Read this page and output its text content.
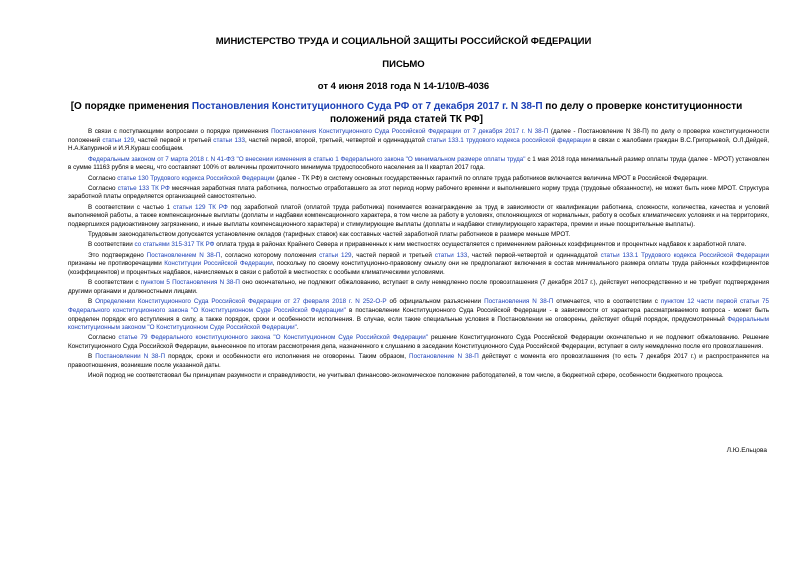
МИНИСТЕРСТВО ТРУДА И СОЦИАЛЬНОЙ ЗАЩИТЫ РОССИЙСКОЙ ФЕДЕРАЦИИ
ПИСЬМО
от 4 июня 2018 года N 14-1/10/В-4036
[О порядке применения Постановления Конституционного Суда РФ от 7 декабря 2017 г. N 38-П по делу о проверке конституционности положений ряда статей ТК РФ]

В связи с поступающими вопросами о порядке применения Постановления Конституционного Суда Российской Федерации от 7 декабря 2017 г. N 38-П (далее - Постановление N 38-П) по делу о проверке конституционности положений статьи 129, частей первой и третьей статьи 133, частей первой, второй, третьей, четвертой и одиннадцатой статьи 133.1 трудового кодекса российской федерации в связи с жалобами граждан В.С.Григорьевой, О.Л.Дейдей, Н.А.Капуриной и И.Я.Кураш сообщаем.

Федеральным законом от 7 марта 2018 г. N 41-ФЗ "О внесении изменения в статью 1 Федерального закона "О минимальном размере оплаты труда" с 1 мая 2018 года минимальный размер оплаты труда (далее - МРОТ) установлен в сумме 11163 рубля в месяц, что составляет 100% от величины прожиточного минимума трудоспособного населения за II квартал 2017 года.

Согласно статье 130 Трудового кодекса Российской Федерации (далее - ТК РФ) в систему основных государственных гарантий по оплате труда работников включается величина МРОТ в Российской Федерации.

Согласно статье 133 ТК РФ месячная заработная плата работника, полностью отработавшего за этот период норму рабочего времени и выполнившего норму труда (трудовые обязанности), не может быть ниже МРОТ. Структура заработной платы определяется организацией самостоятельно.

В соответствии с частью 1 статьи 129 ТК РФ под заработной платой (оплатой труда работника) понимается вознаграждение за труд в зависимости от квалификации работника, сложности, количества, качества и условий выполняемой работы, а также компенсационные выплаты (доплаты и надбавки компенсационного характера, в том числе за работу в условиях, отклоняющихся от нормальных, работу в особых климатических условиях и на территориях, подвергшихся радиоактивному загрязнению, и иные выплаты компенсационного характера) и стимулирующие выплаты (доплаты и надбавки стимулирующего характера, премии и иные поощрительные выплаты).

Трудовым законодательством допускается установление окладов (тарифных ставок) как составных частей заработной платы работников в размере меньше МРОТ.

В соответствии со статьями 315-317 ТК РФ оплата труда в районах Крайнего Севера и приравненных к ним местностях осуществляется с применением районных коэффициентов и процентных надбавок к заработной плате.

Это подтверждено Постановлением N 38-П, согласно которому положения статьи 129, частей первой и третьей статьи 133, частей первой-четвертой и одиннадцатой статьи 133.1 Трудового кодекса Российской Федерации признаны не противоречащими Конституции Российской Федерации, поскольку по своему конституционно-правовому смыслу они не предполагают включения в состав минимального размера оплаты труда районных коэффициентов (коэффициентов) и процентных надбавок, начисляемых в связи с работой в местностях с особыми климатическими условиями.

В соответствии с пунктом 5 Постановления N 38-П оно окончательно, не подлежит обжалованию, вступает в силу немедленно после провозглашения (7 декабря 2017 г.), действует непосредственно и не требует подтверждения другими органами и должностными лицами.

В Определении Конституционного Суда Российской Федерации от 27 февраля 2018 г. N 252-О-Р об официальном разъяснении Постановления N 38-П отмечается, что в соответствии с пунктом 12 части первой статьи 75 Федерального конституционного закона "О Конституционном Суде Российской Федерации" в постановлении Конституционного Суда Российской Федерации - в зависимости от характера рассматриваемого вопроса - может быть определен порядок его вступления в силу, а также порядок, сроки и особенности исполнения. В случае, если такие специальные условия в Постановлении не оговорены, действует общий порядок, предусмотренный Федеральным конституционным законом "О Конституционном Суде Российской Федерации".

Согласно статье 79 Федерального конституционного закона "О Конституционном Суде Российской Федерации" решение Конституционного Суда Российской Федерации окончательно и не подлежит обжалованию. Решение Конституционного Суда Российской Федерации, вынесенное по итогам рассмотрения дела, назначенного к слушанию в заседании Конституционного Суда Российской Федерации, вступает в силу немедленно после его провозглашения.

В Постановлении N 38-П порядок, сроки и особенности его исполнения не оговорены. Таким образом, Постановление N 38-П действует с момента его провозглашения (то есть 7 декабря 2017 г.) и распространяется на правоотношения, возникшие после указанной даты.

Иной подход не соответствовал бы принципам разумности и справедливости, не учитывал финансово-экономическое положение работодателей, в том числе, в бюджетной сфере, особенности бюджетного процесса.

Л.Ю.Ельцова
